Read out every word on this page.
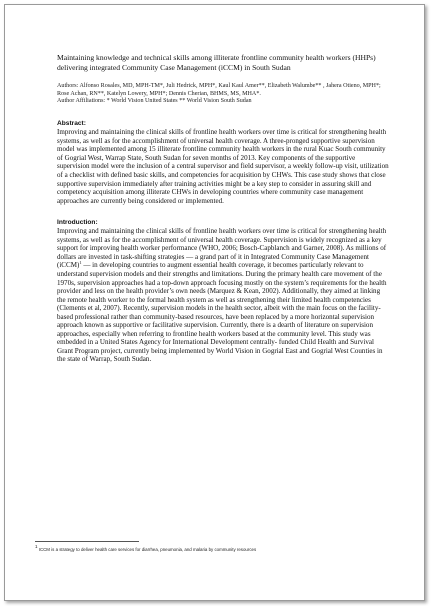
Maintaining knowledge and technical skills among illiterate frontline community health workers (HHPs) delivering integrated Community Case Management (iCCM) in South Sudan

Authors: Alfonso Rosales, MD, MPH-TM*, Juli Hedrick, MPH*, Kaul Kaul Amer**, Elizabeth Walumbe** , Jahera Otieno, MPH*; Rose Achan, RN**, Katelyn Lowery, MPH*; Dennis Cherian, BHMS, MS, MHA*.

Author Affiliations: * World Vision United States ** World Vision South Sudan

Abstract:

Improving and maintaining the clinical skills of frontline health workers over time is critical for strengthening health systems, as well as for the accomplishment of universal health coverage. A three-pronged supportive supervision model was implemented among 15 illiterate frontline community health workers in the rural Kuac South community of Gogrial West, Warrap State, South Sudan for seven months of 2013. Key components of the supportive supervision model were the inclusion of a central supervisor and field supervisor, a weekly follow-up visit, utilization of a checklist with defined basic skills, and competencies for acquisition by CHWs. This case study shows that close supportive supervision immediately after training activities might be a key step to consider in assuring skill and competency acquisition among illiterate CHWs in developing countries where community case management approaches are currently being considered or implemented.

Introduction:

Improving and maintaining the clinical skills of frontline health workers over time is critical for strengthening health systems, as well as for the accomplishment of universal health coverage. Supervision is widely recognized as a key support for improving health worker performance (WHO, 2006; Bosch-Capblanch and Garner, 2008). As millions of dollars are invested in task-shifting strategies — a grand part of it in Integrated Community Case Management (iCCM)$^1$ — in developing countries to augment essential health coverage, it becomes particularly relevant to understand supervision models and their strengths and limitations. During the primary health care movement of the 1970s, supervision approaches had a top-down approach focusing mostly on the system’s requirements for the health provider and less on the health provider’s own needs (Marquez & Kean, 2002). Additionally, they aimed at linking the remote health worker to the formal health system as well as strengthening their limited health competencies (Clements et al, 2007). Recently, supervision models in the health sector, albeit with the main focus on the facility-based professional rather than community-based resources, have been replaced by a more horizontal supervision approach known as supportive or facilitative supervision. Currently, there is a dearth of literature on supervision approaches, especially when referring to frontline health workers based at the community level. This study was embedded in a United States Agency for International Development centrally- funded Child Health and Survival Grant Program project, currently being implemented by World Vision in Gogrial East and Gogrial West Counties in the state of Warrap, South Sudan.

1 ICCM is a strategy to deliver health care services for diarrhea, pneumonia, and malaria by community resources
